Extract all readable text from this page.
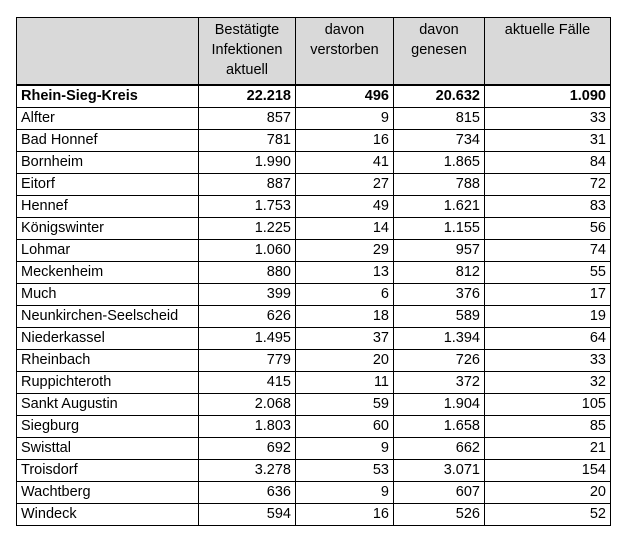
	Bestätigte Infektionen aktuell	davon verstorben	davon genesen	aktuelle Fälle
Rhein-Sieg-Kreis	22.218	496	20.632	1.090
Alfter	857	9	815	33
Bad Honnef	781	16	734	31
Bornheim	1.990	41	1.865	84
Eitorf	887	27	788	72
Hennef	1.753	49	1.621	83
Königswinter	1.225	14	1.155	56
Lohmar	1.060	29	957	74
Meckenheim	880	13	812	55
Much	399	6	376	17
Neunkirchen-Seelscheid	626	18	589	19
Niederkassel	1.495	37	1.394	64
Rheinbach	779	20	726	33
Ruppichteroth	415	11	372	32
Sankt Augustin	2.068	59	1.904	105
Siegburg	1.803	60	1.658	85
Swisttal	692	9	662	21
Troisdorf	3.278	53	3.071	154
Wachtberg	636	9	607	20
Windeck	594	16	526	52
